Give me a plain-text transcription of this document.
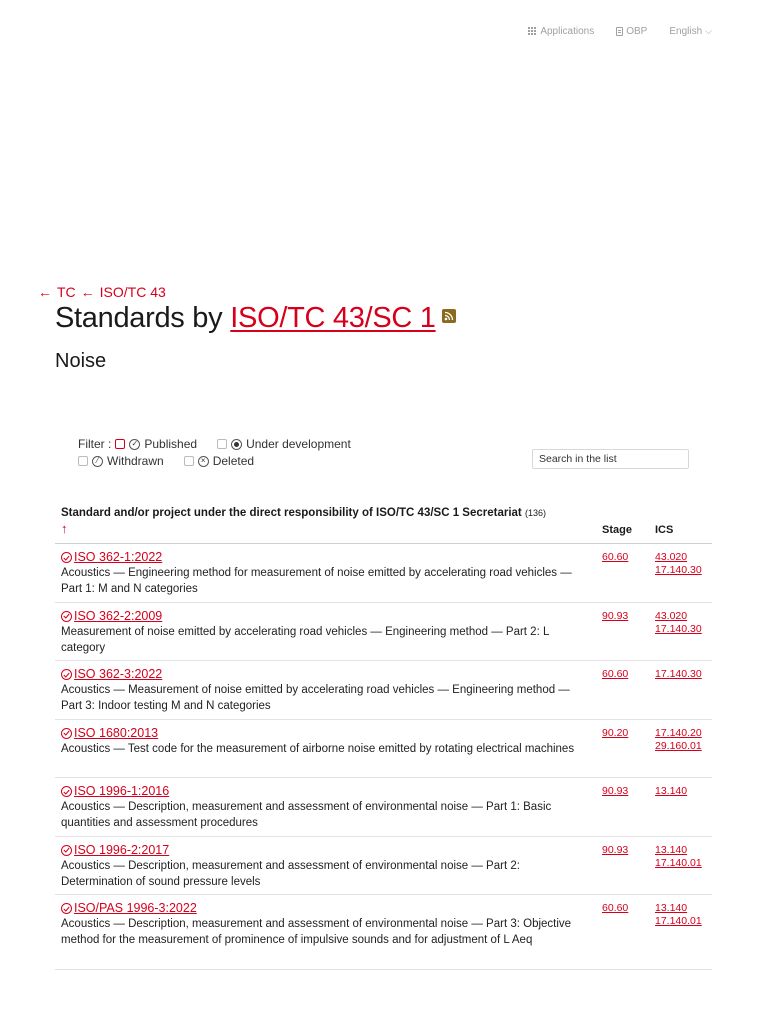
Applications	OBP English ⌵
← TC ← ISO/TC 43
Standards by ISO/TC 43/SC 1
Noise
Filter :	✓ Published	Under development
⁄ Withdrawn	× Deleted
Search in the list
Standard and/or project under the direct responsibility of ISO/TC 43/SC 1 Secretariat (136)
↑	Stage ICS
ISO 362-1:2022
Acoustics — Engineering method for measurement of noise emitted by accelerating road vehicles — Part 1: M and N categories
60.60	43.020
17.140.30
ISO 362-2:2009
Measurement of noise emitted by accelerating road vehicles — Engineering method — Part 2: L category
90.93	43.020
17.140.30
ISO 362-3:2022
Acoustics — Measurement of noise emitted by accelerating road vehicles — Engineering method — Part 3: Indoor testing M and N categories
60.60	17.140.30
ISO 1680:2013
Acoustics — Test code for the measurement of airborne noise emitted by rotating electrical machines
90.20	17.140.20
29.160.01
ISO 1996-1:2016
Acoustics — Description, measurement and assessment of environmental noise — Part 1: Basic quantities and assessment procedures
90.93	13.140
ISO 1996-2:2017
Acoustics — Description, measurement and assessment of environmental noise — Part 2: Determination of sound pressure levels
90.93	13.140
17.140.01
ISO/PAS 1996-3:2022
Acoustics — Description, measurement and assessment of environmental noise — Part 3: Objective method for the measurement of prominence of impulsive sounds and for adjustment of L Aeq
60.60	13.140
17.140.01
